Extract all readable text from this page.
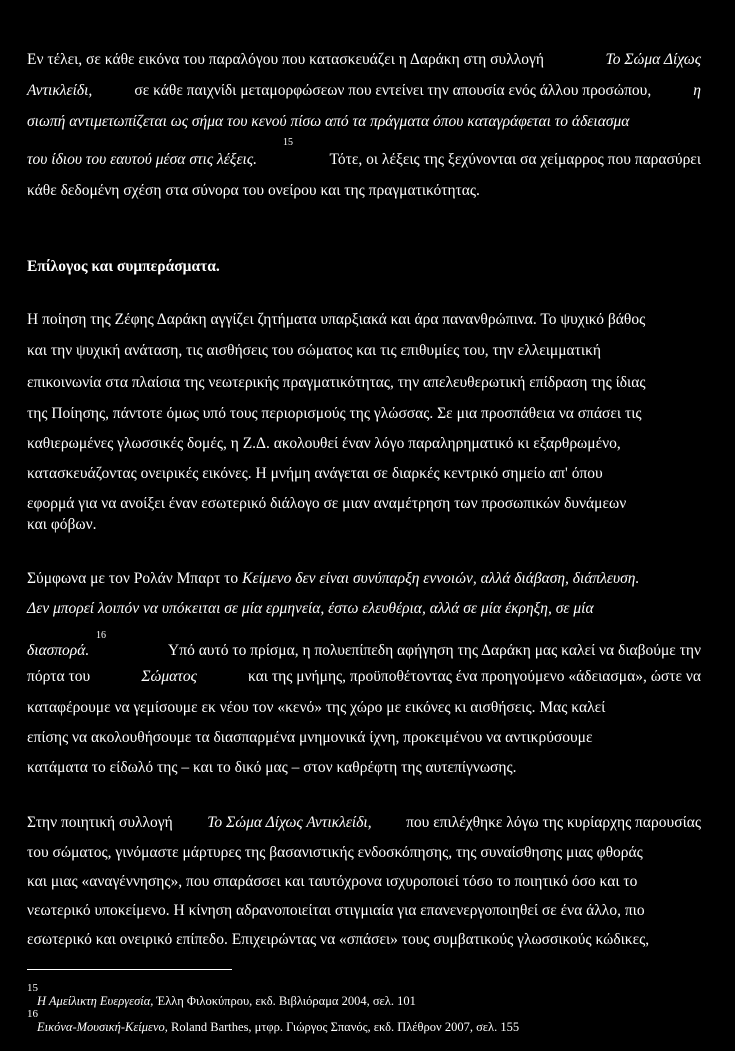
Εν τέλει, σε κάθε εικόνα του παραλόγου που κατασκευάζει η Δαράκη στη συλλογή	Το Σώμα Δίχως
Αντικλείδι,	σε κάθε παιχνίδι μεταμορφώσεων που εντείνει την απουσία ενός άλλου προσώπου,	η
σιωπή αντιμετωπίζεται ως σήμα του κενού πίσω από τα πράγματα όπου καταγράφεται το άδειασμα
15
του ίδιου του εαυτού μέσα στις λέξεις.	Τότε, οι λέξεις της ξεχύνονται σα χείμαρρος που παρασύρει
κάθε δεδομένη σχέση στα σύνορα του ονείρου και της πραγματικότητας.
Επίλογος και συμπεράσματα.
Η ποίηση της Ζέφης Δαράκη αγγίζει ζητήματα υπαρξιακά και άρα πανανθρώπινα. Το ψυχικό βάθος
και την ψυχική ανάταση, τις αισθήσεις του σώματος και τις επιθυμίες του, την ελλειμματική
επικοινωνία στα πλαίσια της νεωτερικής πραγματικότητας, την απελευθερωτική επίδραση της ίδιας
της Ποίησης, πάντοτε όμως υπό τους περιορισμούς της γλώσσας. Σε μια προσπάθεια να σπάσει τις
καθιερωμένες γλωσσικές δομές, η Ζ.Δ. ακολουθεί έναν λόγο παραληρηματικό κι εξαρθρωμένο,
κατασκευάζοντας ονειρικές εικόνες. Η μνήμη ανάγεται σε διαρκές κεντρικό σημείο απ' όπου
εφορμά για να ανοίξει έναν εσωτερικό διάλογο σε μιαν αναμέτρηση των προσωπικών δυνάμεων
και φόβων.
Σύμφωνα με τον Ρολάν Μπαρτ το Κείμενο δεν είναι συνύπαρξη εννοιών, αλλά διάβαση, διάπλευση.
Δεν μπορεί λοιπόν να υπόκειται σε μία ερμηνεία, έστω ελευθέρια, αλλά σε μία έκρηξη, σε μία
16
διασπορά.	Υπό αυτό το πρίσμα, η πολυεπίπεδη αφήγηση της Δαράκη μας καλεί να διαβούμε την
πόρτα του	Σώματος	και της μνήμης, προϋποθέτοντας ένα προηγούμενο «άδειασμα», ώστε να
καταφέρουμε να γεμίσουμε εκ νέου τον «κενό» της χώρο με εικόνες κι αισθήσεις. Μας καλεί
επίσης να ακολουθήσουμε τα διασπαρμένα μνημονικά ίχνη, προκειμένου να αντικρύσουμε
κατάματα το είδωλό της – και το δικό μας – στον καθρέφτη της αυτεπίγνωσης.
Στην ποιητική συλλογή Το Σώμα Δίχως Αντικλείδι, που επιλέχθηκε λόγω της κυρίαρχης παρουσίας
του σώματος, γινόμαστε μάρτυρες της βασανιστικής ενδοσκόπησης, της συναίσθησης μιας φθοράς
και μιας «αναγέννησης», που σπαράσσει και ταυτόχρονα ισχυροποιεί τόσο το ποιητικό όσο και το
νεωτερικό υποκείμενο. Η κίνηση αδρανοποιείται στιγμιαία για επανενεργοποιηθεί σε ένα άλλο, πιο
εσωτερικό και ονειρικό επίπεδο. Επιχειρώντας να «σπάσει» τους συμβατικούς γλωσσικούς κώδικες,
15
Η Αμείλικτη Ευεργεσία, Έλλη Φιλοκύπρου, εκδ. Βιβλιόραμα 2004, σελ. 101
16
Εικόνα-Μουσική-Κείμενο, Roland Barthes, μτφρ. Γιώργος Σπανός, εκδ. Πλέθρον 2007, σελ. 155
